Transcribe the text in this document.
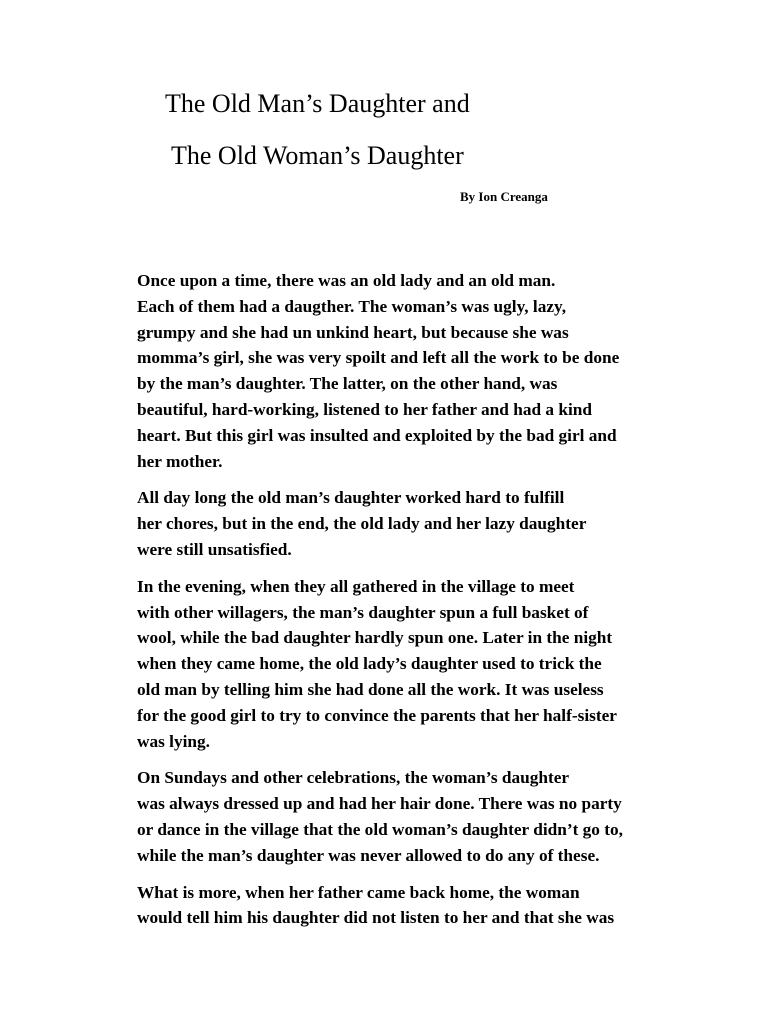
The Old Man’s Daughter and
The Old Woman’s Daughter
By Ion Creanga

Once upon a time, there was an old lady and an old man.
Each of them had a daugther. The woman’s was ugly, lazy,
grumpy and she had un unkind heart, but because she was
momma’s girl, she was very spoilt and left all the work to be done
by the man’s daughter. The latter, on the other hand, was
beautiful, hard-working, listened to her father and had a kind
heart. But this girl was insulted and exploited by the bad girl and
her mother.

All day long the old man’s daughter worked hard to fulfill
her chores, but in the end, the old lady and her lazy daughter
were still unsatisfied.

In the evening, when they all gathered in the village to meet
with other willagers, the man’s daughter spun a full basket of
wool, while the bad daughter hardly spun one. Later in the night
when they came home, the old lady’s daughter used to trick the
old man by telling him she had done all the work. It was useless
for the good girl to try to convince the parents that her half-sister
was lying.

On Sundays and other celebrations, the woman’s daughter
was always dressed up and had her hair done. There was no party
or dance in the village that the old woman’s daughter didn’t go to,
while the man’s daughter was never allowed to do any of these.

What is more, when her father came back home, the woman
would tell him his daughter did not listen to her and that she was
